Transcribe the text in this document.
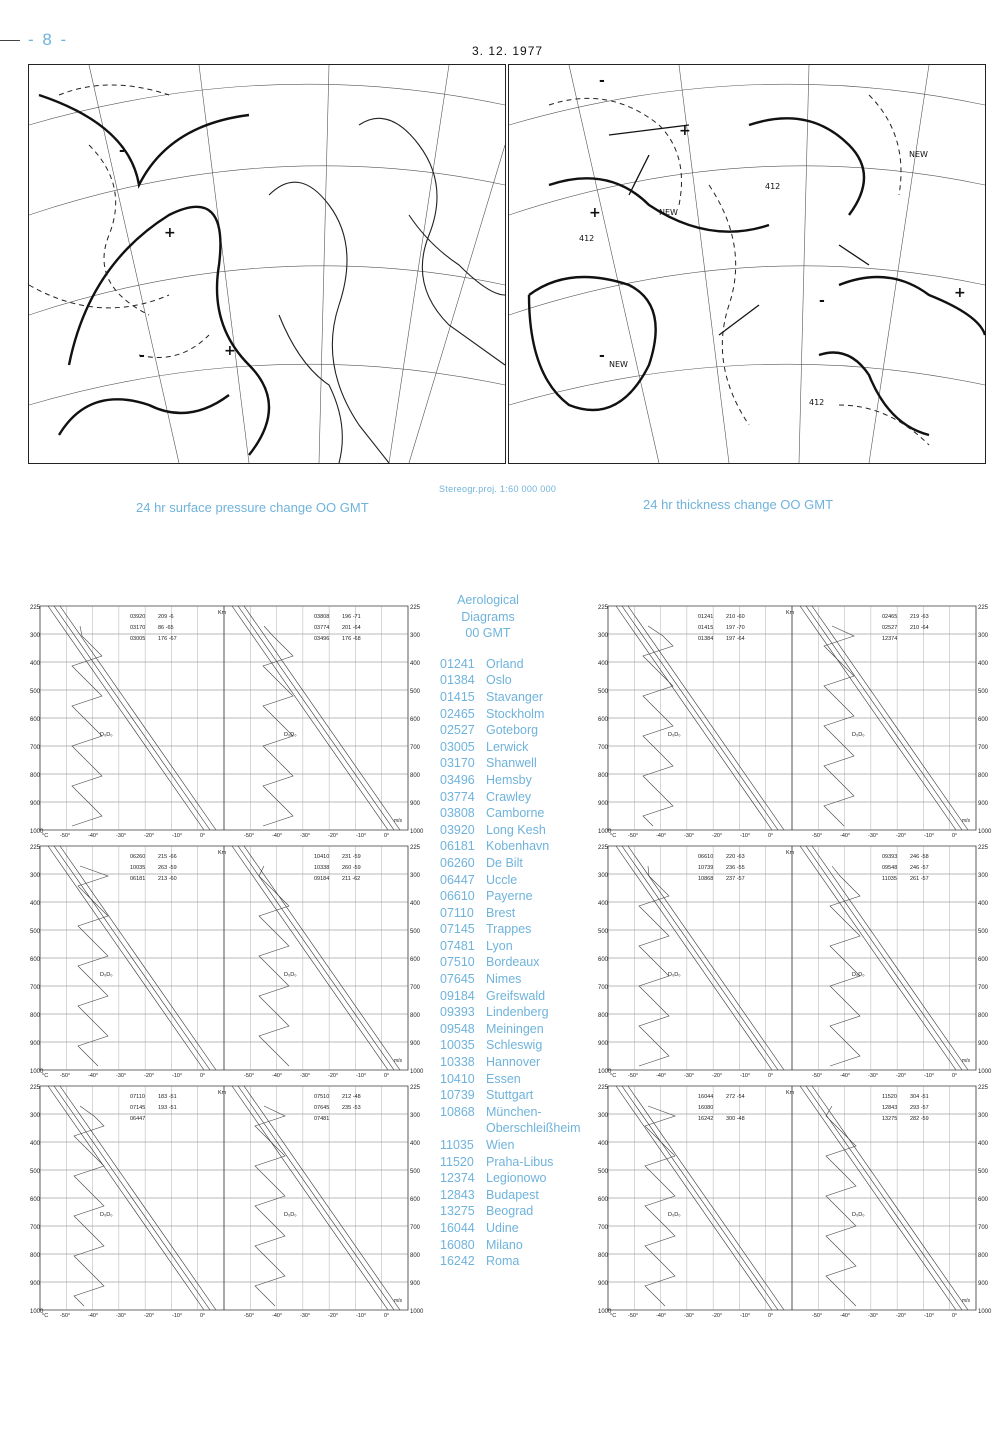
- 8 -
3. 12. 1977
+
+
-
-
+
+
+
-
-
-
NEW
NEW
NEW
412
412
412
24 hr surface pressure change OO GMT
Stereogr.proj. 1:60 000 000
24 hr thickness change OO GMT
225	225
300	300
400	400
500	500
600	600
700	700
800	800
900	900
1000	1000
-50°	-50°
-40°	-40°
-30°	-30°
-20°	-20°
-10°	-10°
0°	0°
03920 209 -6
03170 86 -65
03005 176 -67
03808 196 -71
03774 201 -64
03496 176 -68
D₀D₀	D₀D₀
°C
Km
m/s
225	225
300	300
400	400
500	500
600	600
700	700
800	800
900	900
1000	1000
-50°	-50°
-40°	-40°
-30°	-30°
-20°	-20°
-10°	-10°
0°	0°
01241 210 -60
01415 197 -70
01384 197 -64
02465 219 -63
02527 210 -64
12374
D₀D₀	D₀D₀
°C
Km
m/s
225	225
300	300
400	400
500	500
600	600
700	700
800	800
900	900
1000	1000
-50°	-50°
-40°	-40°
-30°	-30°
-20°	-20°
-10°	-10°
0°	0°
06260 215 -66
10035 263 -59
06181 213 -60
10410 231 -59
10338 260 -59
09184 211 -62
D₀D₀	D₀D₀
°C
Km
m/s
225	225
300	300
400	400
500	500
600	600
700	700
800	800
900	900
1000	1000
-50°	-50°
-40°	-40°
-30°	-30°
-20°	-20°
-10°	-10°
0°	0°
06610 220 -63
10739 236 -55
10868 237 -57
09393 246 -58
09548 246 -57
11035 261 -57
D₀D₀	D₀D₀
°C
Km
m/s
225	225
300	300
400	400
500	500
600	600
700	700
800	800
900	900
1000	1000
-50°	-50°
-40°	-40°
-30°	-30°
-20°	-20°
-10°	-10°
0°	0°
07110 183 -51
07145 193 -51
06447
07510 212 -48
07645 235 -53
07481
D₀D₀	D₀D₀
°C
Km
m/s
225	225
300	300
400	400
500	500
600	600
700	700
800	800
900	900
1000	1000
-50°	-50°
-40°	-40°
-30°	-30°
-20°	-20°
-10°	-10°
0°	0°
16044 272 -54
16080
16242 300 -48
11520 304 -51
12843 293 -57
13275 282 -59
D₀D₀	D₀D₀
°C
Km
m/s
Aerological
Diagrams
00 GMT
01241 Orland
01384 Oslo
01415 Stavanger
02465 Stockholm
02527 Goteborg
03005 Lerwick
03170 Shanwell
03496 Hemsby
03774 Crawley
03808 Camborne
03920 Long Kesh
06181 Kobenhavn
06260 De Bilt
06447 Uccle
06610 Payerne
07110 Brest
07145 Trappes
07481 Lyon
07510 Bordeaux
07645 Nimes
09184 Greifswald
09393 Lindenberg
09548 Meiningen
10035 Schleswig
10338 Hannover
10410 Essen
10739 Stuttgart
10868 München-
Oberschleißheim
11035 Wien
11520 Praha-Libus
12374 Legionowo
12843 Budapest
13275 Beograd
16044 Udine
16080 Milano
16242 Roma
